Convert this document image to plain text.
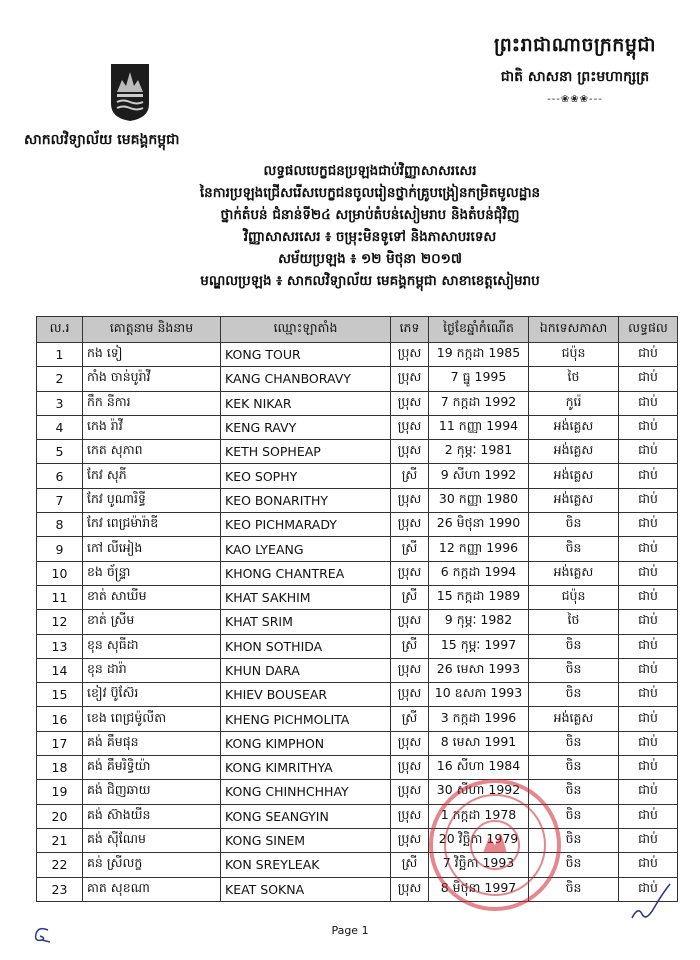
ព្រះរាជាណាចក្រកម្ពុជា
ជាតិ សាសនា ព្រះមហាក្សត្រ
---❀❀❀---
សាកលវិទ្យាល័យ មេគង្គកម្ពុជា
លទ្ធផលបេក្ខជនប្រឡងជាប់វិញ្ញាសាសរសេរ
នៃការប្រឡងជ្រើសរើសបេក្ខជនចូលរៀនថ្នាក់គ្រូបង្រៀនកម្រិតមូលដ្ឋាន
ថ្នាក់តំបន់ ជំនាន់ទី២៤ សម្រាប់តំបន់សៀមរាប និងតំបន់ជុំវិញ
វិញ្ញាសាសរសេរ ៖ ចម្រុះមិនទូទៅ និងភាសាបរទេស
សម័យប្រឡង ៖ ១២ មិថុនា ២០១៧
មណ្ឌលប្រឡង ៖ សាកលវិទ្យាល័យ មេគង្គកម្ពុជា សាខាខេត្តសៀមរាប
ល.រ	គោត្តនាម និងនាម	ឈ្មោះឡាតាំង	ភេទ	ថ្ងៃខែឆ្នាំកំណើត	ឯកទេសភាសា	លទ្ធផល
1	កង ទៀ	KONG TOUR	ប្រុស	19 កក្កដា 1985	ជប៉ុន	ជាប់
2	កាំង ចាន់បូរ៉ាវី	KANG CHANBORAVY	ប្រុស	7 ធ្នូ 1995	ថៃ	ជាប់
3	កឹក នីការ	KEK NIKAR	ប្រុស	7 កក្កដា 1992	កូរ៉េ	ជាប់
4	កេង រ៉ាវី	KENG RAVY	ប្រុស	11 កញ្ញា 1994	អង់គ្លេស	ជាប់
5	កេត សុភាព	KETH SOPHEAP	ប្រុស	2 កុម្ភៈ 1981	អង់គ្លេស	ជាប់
6	កែវ សុភី	KEO SOPHY	ស្រី	9 សីហា 1992	អង់គ្លេស	ជាប់
7	កែវ បូណារិទ្ធី	KEO BONARITHY	ប្រុស	30 កញ្ញា 1980	អង់គ្លេស	ជាប់
8	កែវ ពេជ្រម៉ារ៉ាឌី	KEO PICHMARADY	ប្រុស	26 មិថុនា 1990	ចិន	ជាប់
9	កៅ លីអៀង	KAO LYEANG	ស្រី	12 កញ្ញា 1996	ចិន	ជាប់
10	ខង ច័ន្ទ្រា	KHONG CHANTREA	ប្រុស	6 កក្កដា 1994	អង់គ្លេស	ជាប់
11	ខាត់ សាឃីម	KHAT SAKHIM	ស្រី	15 កក្កដា 1989	ជប៉ុន	ជាប់
12	ខាត់ ស្រីម	KHAT SRIM	ប្រុស	9 កុម្ភៈ 1982	ថៃ	ជាប់
13	ខុន សុធីដា	KHON SOTHIDA	ស្រី	15 កុម្ភៈ 1997	ចិន	ជាប់
14	ខុន ដារ៉ា	KHUN DARA	ប្រុស	26 មេសា 1993	ចិន	ជាប់
15	ខៀវ ប៊ូស៊ែរ	KHIEV BOUSEAR	ប្រុស	10 ឧសភា 1993	ចិន	ជាប់
16	ខេង ពេជ្រម៉ូលីតា	KHENG PICHMOLITA	ស្រី	3 កក្កដា 1996	អង់គ្លេស	ជាប់
17	គង់ គឹមផុន	KONG KIMPHON	ប្រុស	8 មេសា 1991	ចិន	ជាប់
18	គង់ គឹមរិទ្ធិយ៉ា	KONG KIMRITHYA	ប្រុស	16 សីហា 1984	ចិន	ជាប់
19	គង់ ជិញឆាយ	KONG CHINHCHHAY	ប្រុស	30 សីហា 1992	ចិន	ជាប់
20	គង់ ស៊ាងយីន	KONG SEANGYIN	ប្រុស	1 កក្កដា 1978	ចិន	ជាប់
21	គង់ ស៊ីណែម	KONG SINEM	ប្រុស	20 វិច្ឆិកា 1979	ចិន	ជាប់
22	គន់ ស្រីលក្ខ	KON SREYLEAK	ស្រី	7 វិច្ឆិកា 1993	ចិន	ជាប់
23	គាត សុខណា	KEAT SOKNA	ប្រុស	8 មិថុនា 1997	ចិន	ជាប់
Page 1
